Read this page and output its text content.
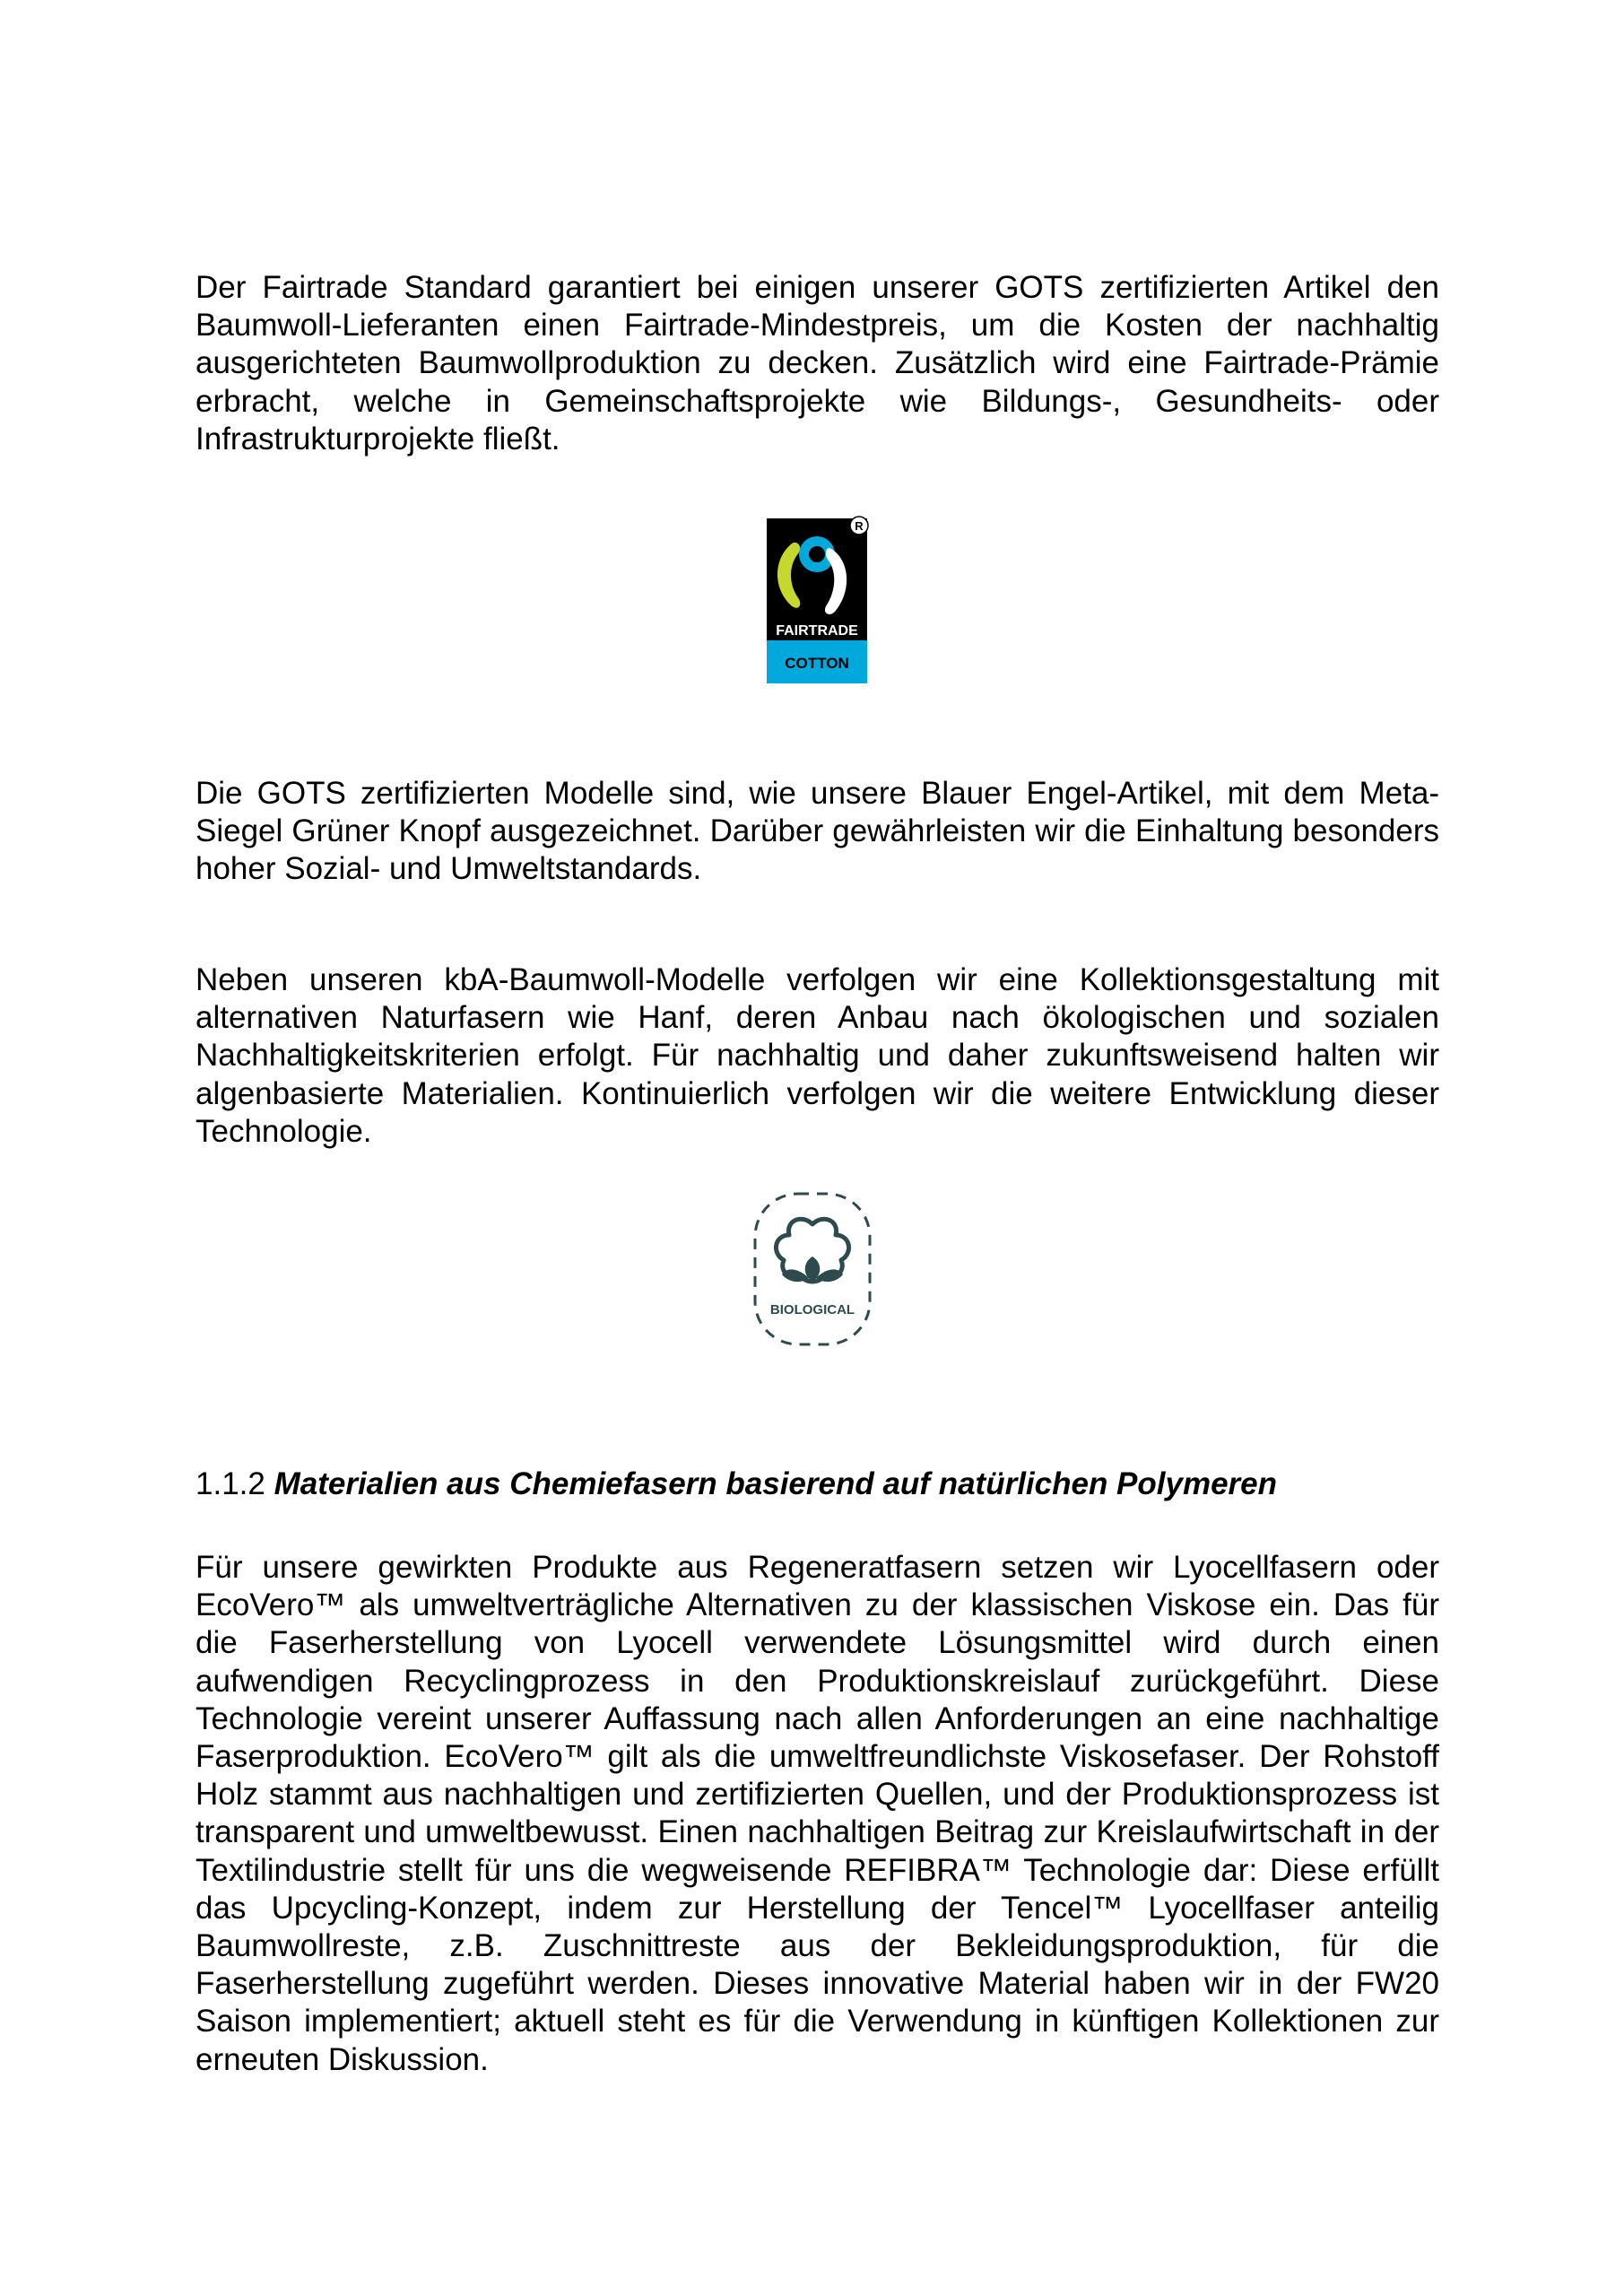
Der Fairtrade Standard garantiert bei einigen unserer GOTS zertifizierten Artikel den Baumwoll-Lieferanten einen Fairtrade-Mindestpreis, um die Kosten der nachhaltig ausgerichteten Baumwollproduktion zu decken. Zusätzlich wird eine Fairtrade-Prämie erbracht, welche in Gemeinschaftsprojekte wie Bildungs-, Gesundheits- oder Infrastrukturprojekte fließt.

FAIRTRADE
COTTON
R

Die GOTS zertifizierten Modelle sind, wie unsere Blauer Engel-Artikel, mit dem Meta-Siegel Grüner Knopf ausgezeichnet. Darüber gewährleisten wir die Einhaltung besonders hoher Sozial- und Umweltstandards.

Neben unseren kbA-Baumwoll-Modelle verfolgen wir eine Kollektionsgestaltung mit alternativen Naturfasern wie Hanf, deren Anbau nach ökologischen und sozialen Nachhaltigkeitskriterien erfolgt. Für nachhaltig und daher zukunftsweisend halten wir algenbasierte Materialien. Kontinuierlich verfolgen wir die weitere Entwicklung dieser Technologie.

BIOLOGICAL
1.1.2 Materialien aus Chemiefasern basierend auf natürlichen Polymeren

Für unsere gewirkten Produkte aus Regeneratfasern setzen wir Lyocellfasern oder EcoVero™ als umweltverträgliche Alternativen zu der klassischen Viskose ein. Das für die Faserherstellung von Lyocell verwendete Lösungsmittel wird durch einen aufwendigen Recyclingprozess in den Produktionskreislauf zurückgeführt. Diese Technologie vereint unserer Auffassung nach allen Anforderungen an eine nachhaltige Faserproduktion. EcoVero™ gilt als die umweltfreundlichste Viskosefaser. Der Rohstoff Holz stammt aus nachhaltigen und zertifizierten Quellen, und der Produktionsprozess ist transparent und umweltbewusst. Einen nachhaltigen Beitrag zur Kreislaufwirtschaft in der Textilindustrie stellt für uns die wegweisende REFIBRA™ Technologie dar: Diese erfüllt das Upcycling-Konzept, indem zur Herstellung der Tencel™ Lyocellfaser anteilig Baumwollreste, z.B. Zuschnittreste aus der Bekleidungsproduktion, für die Faserherstellung zugeführt werden. Dieses innovative Material haben wir in der FW20 Saison implementiert; aktuell steht es für die Verwendung in künftigen Kollektionen zur erneuten Diskussion.
